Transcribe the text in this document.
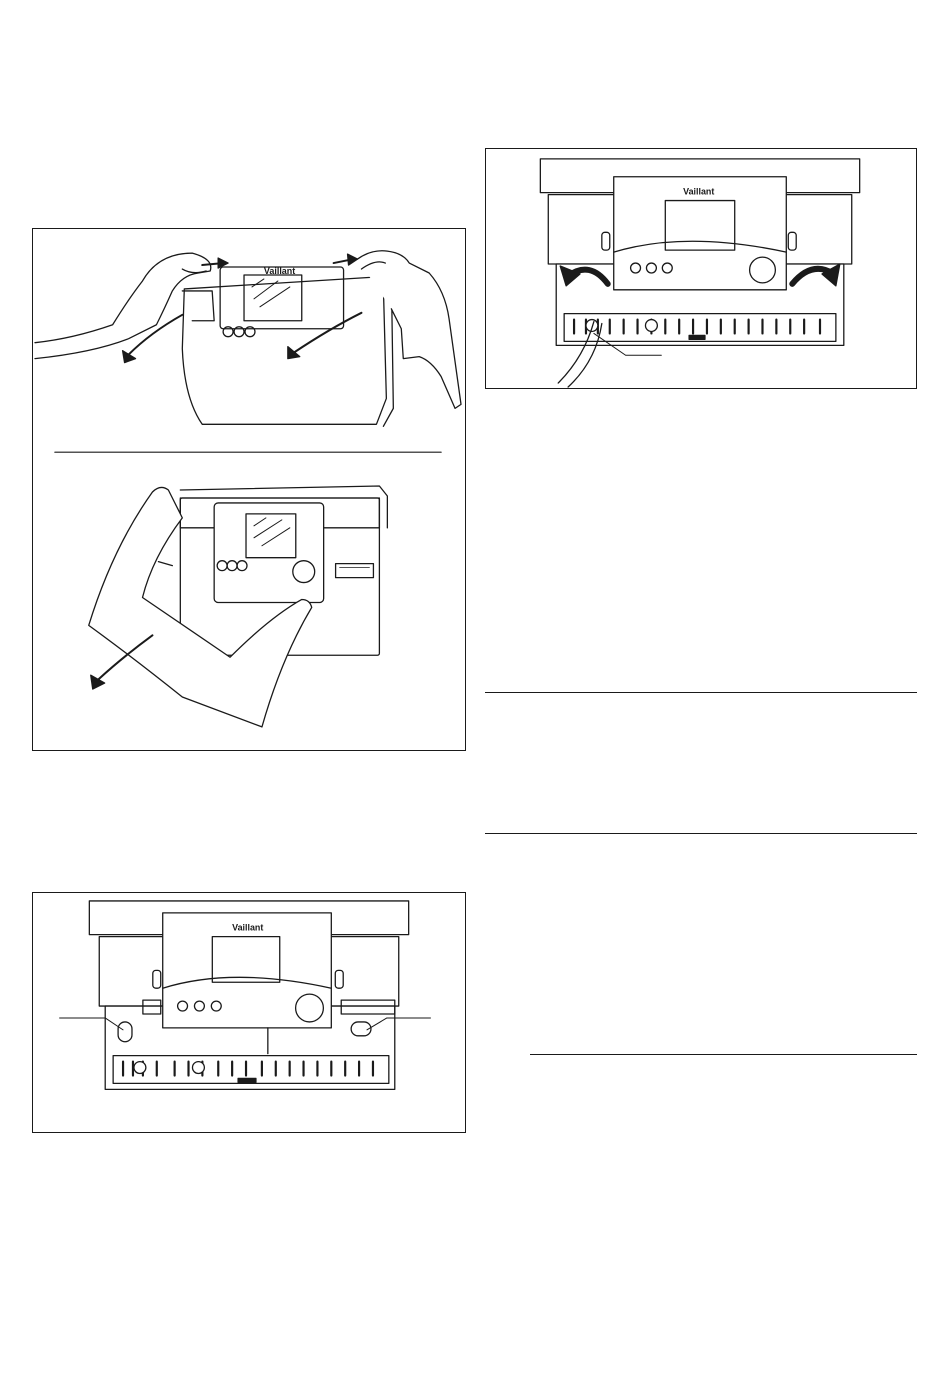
Vaillant
Vaillant
Vaillant
